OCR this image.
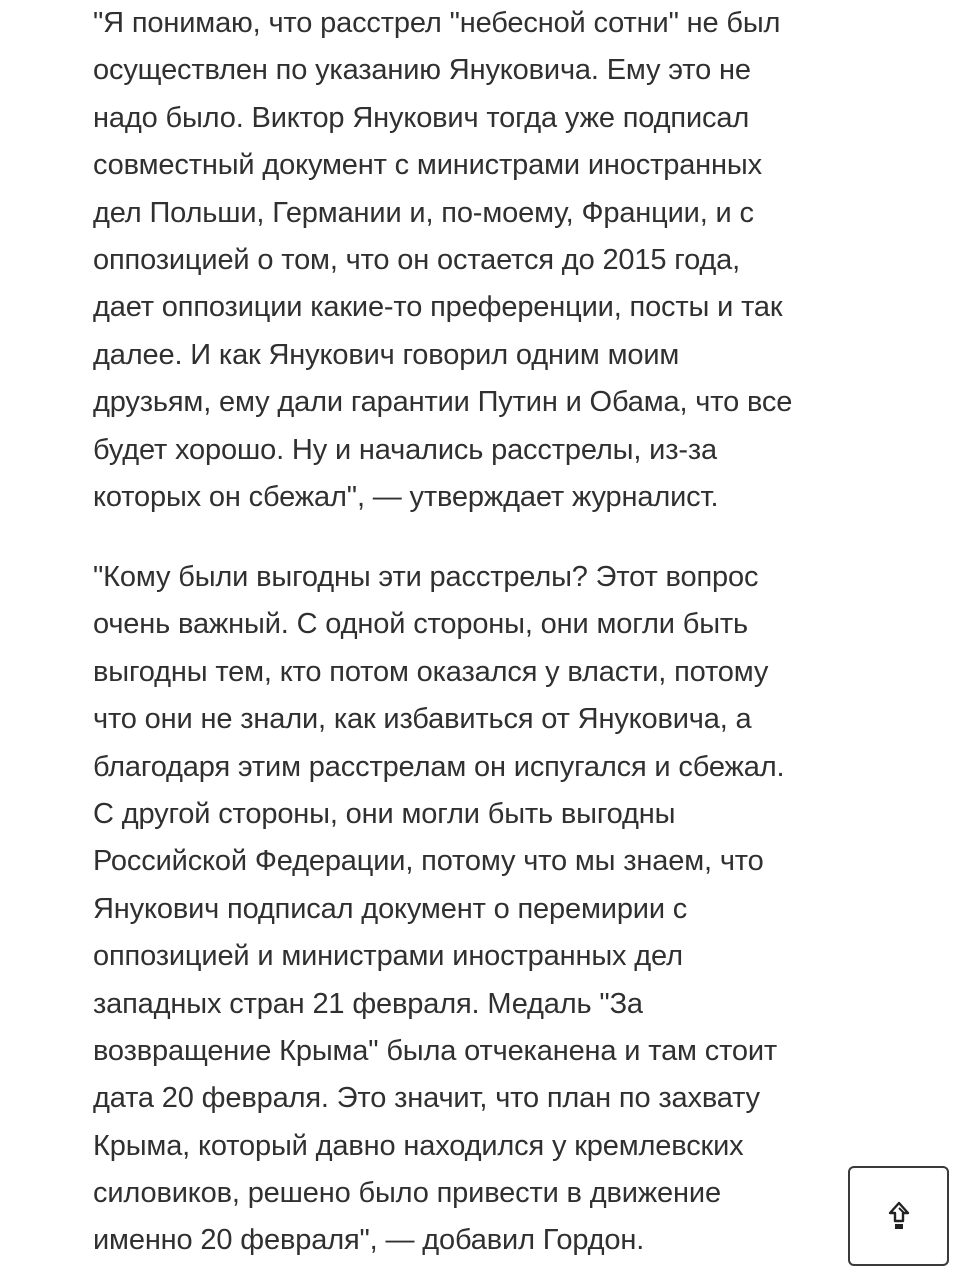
"Я понимаю, что расстрел "небесной сотни" не был
осуществлен по указанию Януковича. Ему это не
надо было. Виктор Янукович тогда уже подписал
совместный документ с министрами иностранных
дел Польши, Германии и, по-моему, Франции, и с
оппозицией о том, что он остается до 2015 года,
дает оппозиции какие-то преференции, посты и так
далее. И как Янукович говорил одним моим
друзьям, ему дали гарантии Путин и Обама, что все
будет хорошо. Ну и начались расстрелы, из-за
которых он сбежал", — утверждает журналист.
"Кому были выгодны эти расстрелы? Этот вопрос
очень важный. С одной стороны, они могли быть
выгодны тем, кто потом оказался у власти, потому
что они не знали, как избавиться от Януковича, а
благодаря этим расстрелам он испугался и сбежал.
С другой стороны, они могли быть выгодны
Российской Федерации, потому что мы знаем, что
Янукович подписал документ о перемирии с
оппозицией и министрами иностранных дел
западных стран 21 февраля. Медаль "За
возвращение Крыма" была отчеканена и там стоит
дата 20 февраля. Это значит, что план по захвату
Крыма, который давно находился у кремлевских
силовиков, решено было привести в движение
именно 20 февраля", — добавил Гордон.
